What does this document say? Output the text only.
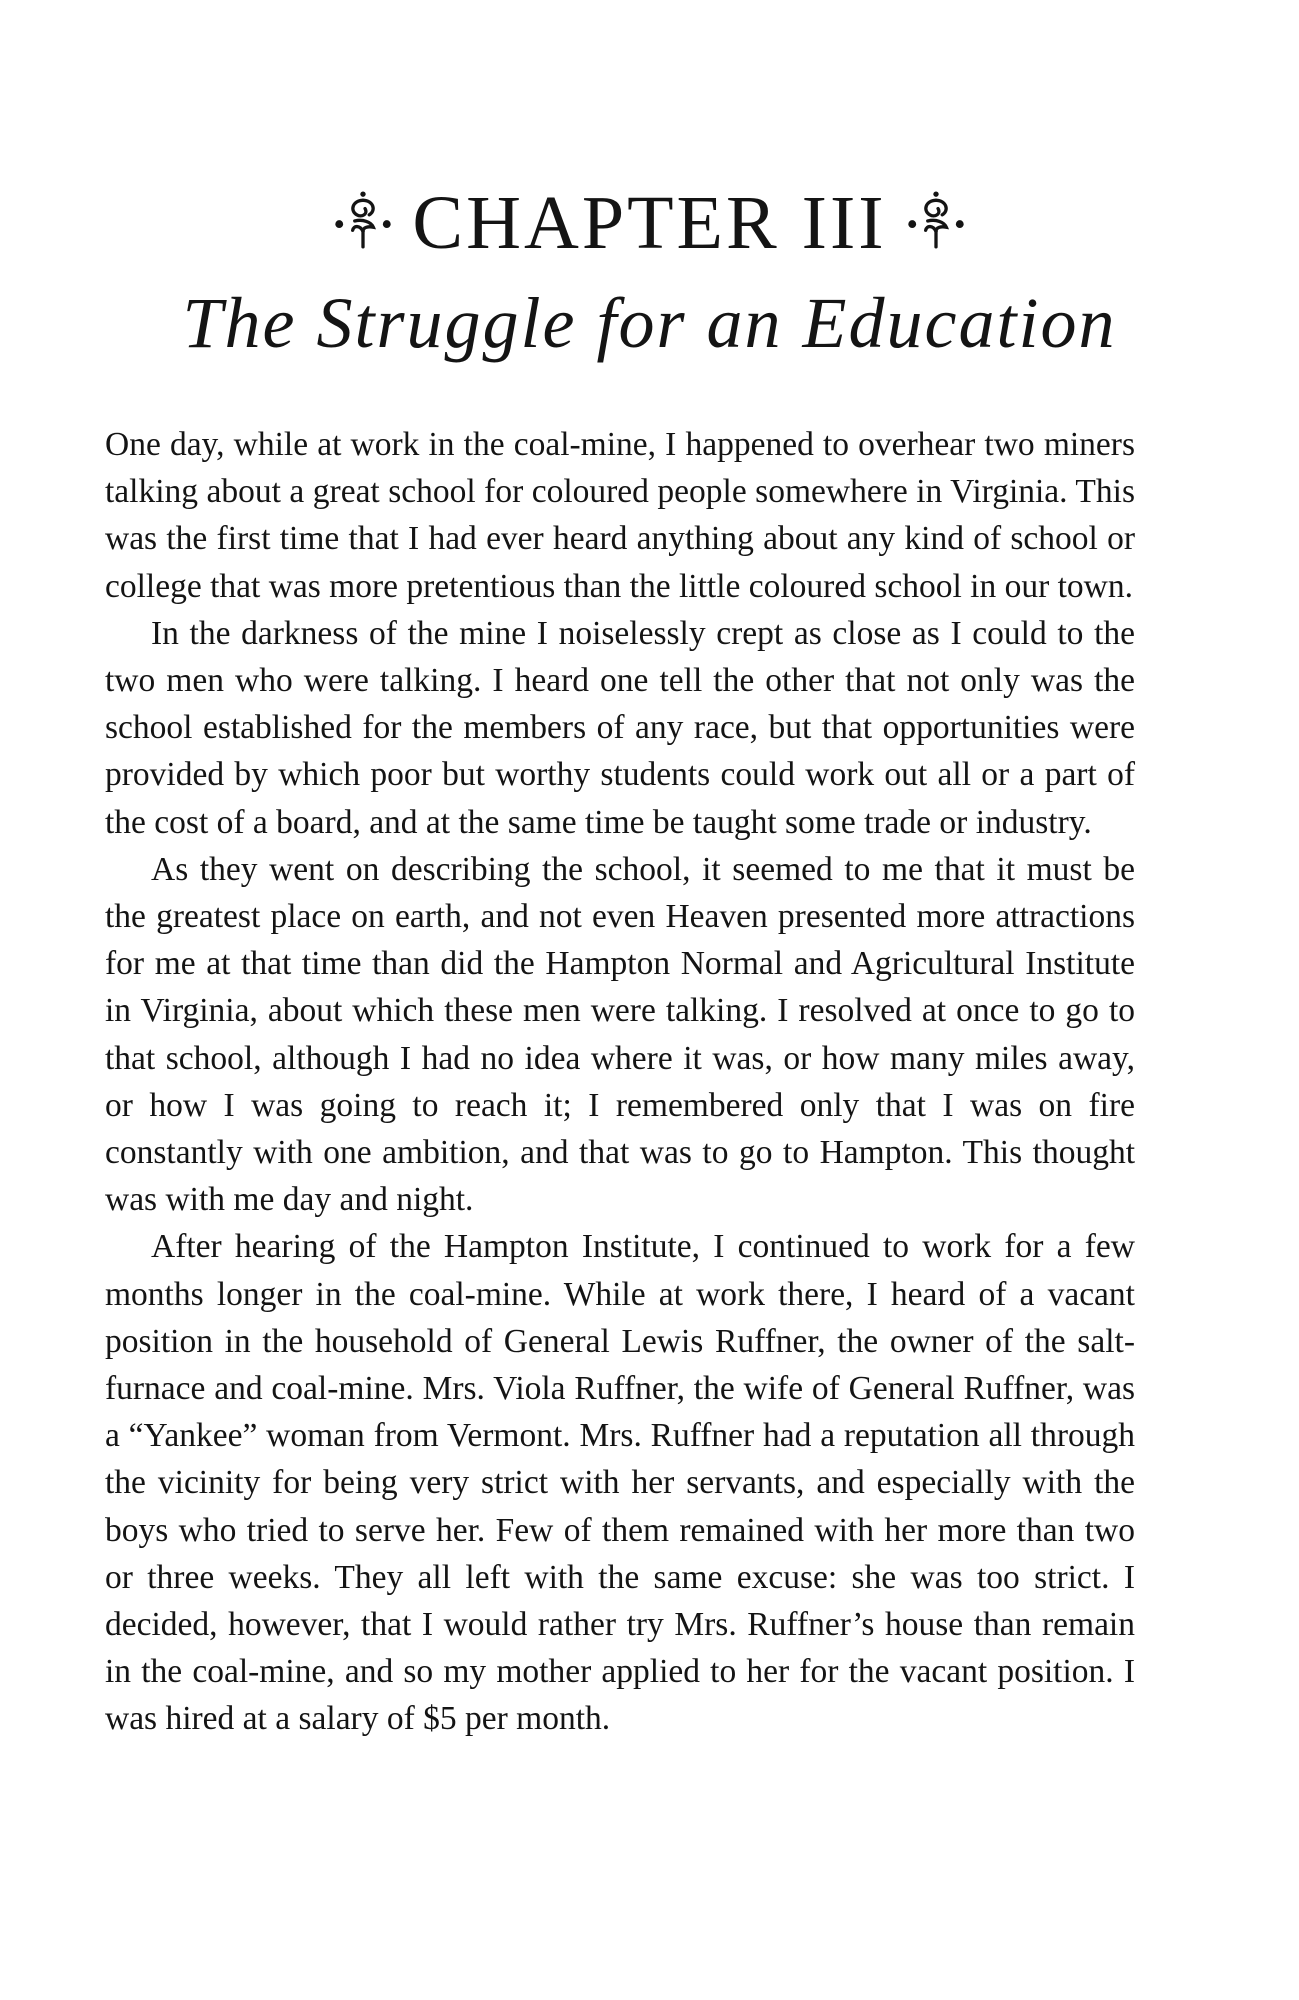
CHAPTER III
The Struggle for an Education

One day, while at work in the coal-mine, I happened to overhear two miners talking about a great school for coloured people somewhere in Virginia. This was the first time that I had ever heard anything about any kind of school or college that was more pretentious than the little coloured school in our town.

In the darkness of the mine I noiselessly crept as close as I could to the two men who were talking. I heard one tell the other that not only was the school established for the members of any race, but that opportunities were provided by which poor but worthy students could work out all or a part of the cost of a board, and at the same time be taught some trade or industry.

As they went on describing the school, it seemed to me that it must be the greatest place on earth, and not even Heaven presented more attractions for me at that time than did the Hampton Normal and Agricultural Institute in Virginia, about which these men were talking. I resolved at once to go to that school, although I had no idea where it was, or how many miles away, or how I was going to reach it; I remembered only that I was on fire constantly with one ambition, and that was to go to Hampton. This thought was with me day and night.

After hearing of the Hampton Institute, I continued to work for a few months longer in the coal-mine. While at work there, I heard of a vacant position in the household of General Lewis Ruffner, the owner of the salt-furnace and coal-mine. Mrs. Viola Ruffner, the wife of General Ruffner, was a “Yankee” woman from Vermont. Mrs. Ruffner had a reputation all through the vicinity for being very strict with her servants, and especially with the boys who tried to serve her. Few of them remained with her more than two or three weeks. They all left with the same excuse: she was too strict. I decided, however, that I would rather try Mrs. Ruffner’s house than remain in the coal-mine, and so my mother applied to her for the vacant position. I was hired at a salary of $5 per month.
